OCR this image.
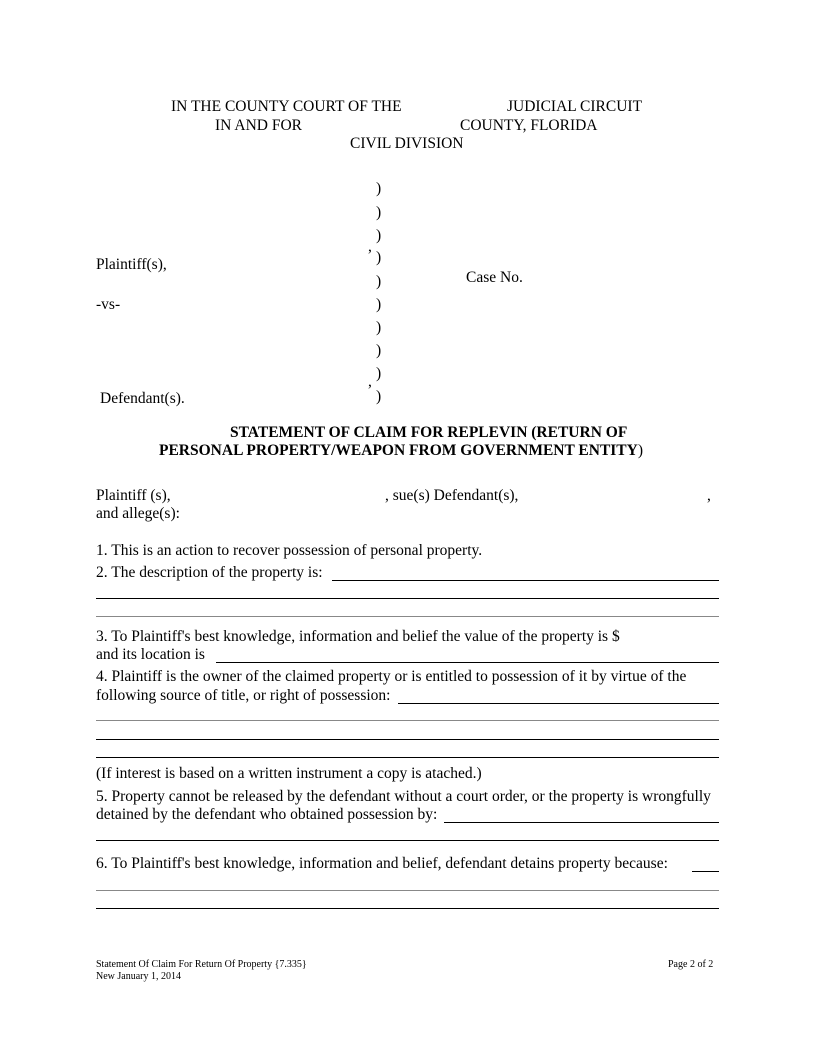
IN THE COUNTY COURT OF THE	JUDICIAL CIRCUIT
IN AND FOR	COUNTY, FLORIDA
CIVIL DIVISION
)
)
)
,
)
)
)
)
)
, )
)
Plaintiff(s),
Case No.
-vs-
Defendant(s).
STATEMENT OF CLAIM FOR REPLEVIN (RETURN OF
PERSONAL PROPERTY/WEAPON FROM GOVERNMENT ENTITY)
Plaintiff (s),	, sue(s) Defendant(s),	,
and allege(s):
1. This is an action to recover possession of personal property.
2. The description of the property is:
3. To Plaintiff's best knowledge, information and belief the value of the property is $
and its location is
4. Plaintiff is the owner of the claimed property or is entitled to possession of it by virtue of the
following source of title, or right of possession:
(If interest is based on a written instrument a copy is atached.)
5. Property cannot be released by the defendant without a court order, or the property is wrongfully
detained by the defendant who obtained possession by:
6. To Plaintiff's best knowledge, information and belief, defendant detains property because:
Statement Of Claim For Return Of Property {7.335}
New January 1, 2014
Page 2 of 2
